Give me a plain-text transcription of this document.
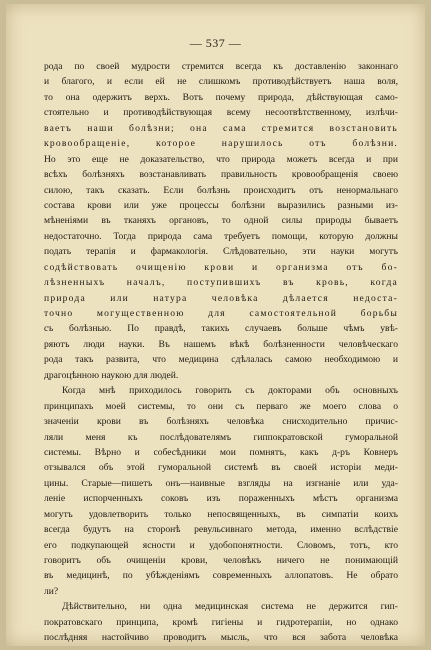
— 537 —
рода по своей мудрости стремится всегда къ доставленію законнаго
и благого, и если ей не слишкомъ противодѣйствуетъ наша воля,
то она одержитъ верхъ. Вотъ почему природа, дѣйствующая само-
стоятельно и противодѣйствующая всему несоотвѣтственному, излѣчи-
ваетъ наши болѣзни; она сама стремится возстановить
кровообращеніе, которое нарушилось отъ болѣзни.
Но это еще не доказательство, что природа можетъ всегда и при
всѣхъ болѣзняхъ возстанавливать правильность кровообращенія своею
силою, такъ сказать. Если болѣзнь происходитъ отъ ненормальнаго
состава крови или уже процессы болѣзни выразились разными из-
мѣненіями въ тканяхъ органовъ, то одной силы природы бываетъ
недостаточно. Тогда природа сама требуетъ помощи, которую должны
подать терапія и фармакологія. Слѣдовательно, эти науки могутъ
содѣйствовать очищенію крови и организма отъ бо-
лѣзненныхъ началъ, поступившихъ въ кровь, когда
природа или натура человѣка дѣлается недоста-
точно могущественною для самостоятельной борьбы
съ болѣзнью. По правдѣ, такихъ случаевъ больше чѣмъ увѣ-
ряютъ люди науки. Въ нашемъ вѣкѣ болѣзненности человѣческаго
рода такъ развита, что медицина сдѣлалась самою необходимою и
драгоцѣнною наукою для людей.
Когда мнѣ приходилось говорить съ докторами объ основныхъ
принципахъ моей системы, то они съ перваго же моего слова о
значеніи крови въ болѣзняхъ человѣка снисходительно причис-
ляли меня къ послѣдователямъ гиппократовской гуморальной
системы. Вѣрно и собесѣдники мои помнятъ, какъ д-ръ Ковнеръ
отзывался объ этой гуморальной системѣ въ своей исторіи меди-
цины. Старые—пишетъ онъ—наивные взгляды на изгнаніе или уда-
леніе испорченныхъ соковъ изъ пораженныхъ мѣстъ организма
могутъ удовлетворить только непосвященныхъ, въ симпатіи коихъ
всегда будутъ на сторонѣ ревульсивнаго метода, именно вслѣдствіе
его подкупающей ясности и удобопонятности. Словомъ, тотъ, кто
говоритъ объ очищеніи крови, человѣкъ ничего не понимающій
въ медицинѣ, по убѣжденіямъ современныхъ аллопатовъ. Не обрато
ли?
Дѣйствительно, ни одна медицинская система не держится гип-
пократовскаго принципа, кромѣ гигіены и гидротерапіи, но однако
послѣдняя настойчиво проводитъ мысль, что вся забота человѣка
